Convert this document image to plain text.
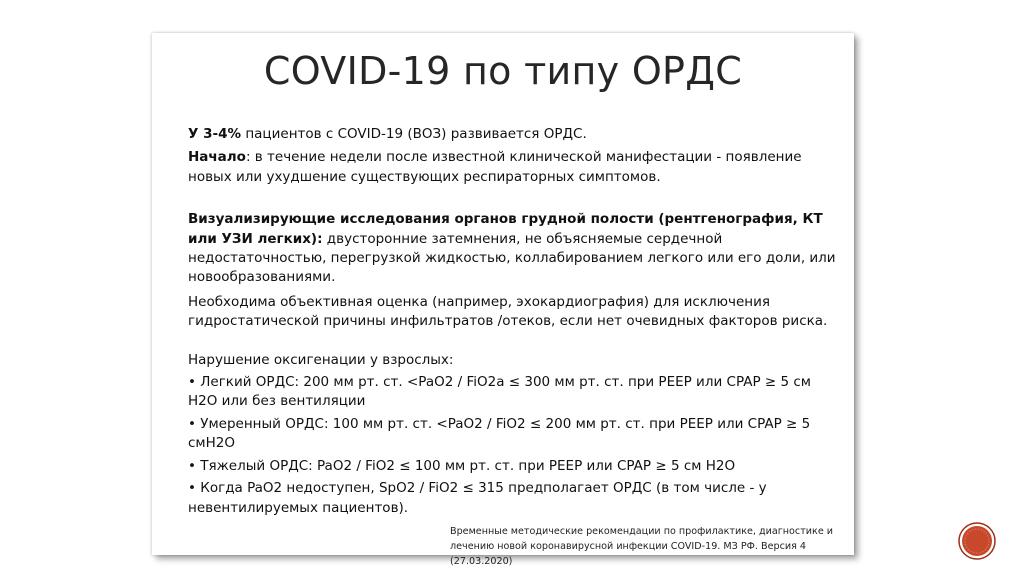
COVID-19 по типу ОРДС

У 3-4% пациентов с COVID-19 (ВОЗ) развивается ОРДС.

Начало: в течение недели после известной клинической манифестации - появление новых или ухудшение существующих респираторных симптомов.

Визуализирующие исследования органов грудной полости (рентгенография, КТ или УЗИ легких): двусторонние затемнения, не объясняемые сердечной недостаточностью, перегрузкой жидкостью, коллабированием легкого или его доли, или новообразованиями.

Необходима объективная оценка (например, эхокардиография) для исключения гидростатической причины инфильтратов /отеков, если нет очевидных факторов риска.

Нарушение оксигенации у взрослых:

• Легкий ОРДС: 200 мм рт. ст. <PaO2 / FiO2a ≤ 300 мм рт. ст. при PEEP или CPAP ≥ 5 см H2O или без вентиляции

• Умеренный ОРДС: 100 мм рт. ст. <PaO2 / FiO2 ≤ 200 мм рт. ст. при PEEP или CPAP ≥ 5 смH2O

• Тяжелый ОРДС: PaO2 / FiO2 ≤ 100 мм рт. ст. при PEEP или CPAP ≥ 5 см H2O

• Когда PaO2 недоступен, SpO2 / FiO2 ≤ 315 предполагает ОРДС (в том числе - у невентилируемых пациентов).

Временные методические рекомендации по профилактике, диагностике и
лечению новой коронавирусной инфекции COVID-19. МЗ РФ. Версия 4 (27.03.2020)
